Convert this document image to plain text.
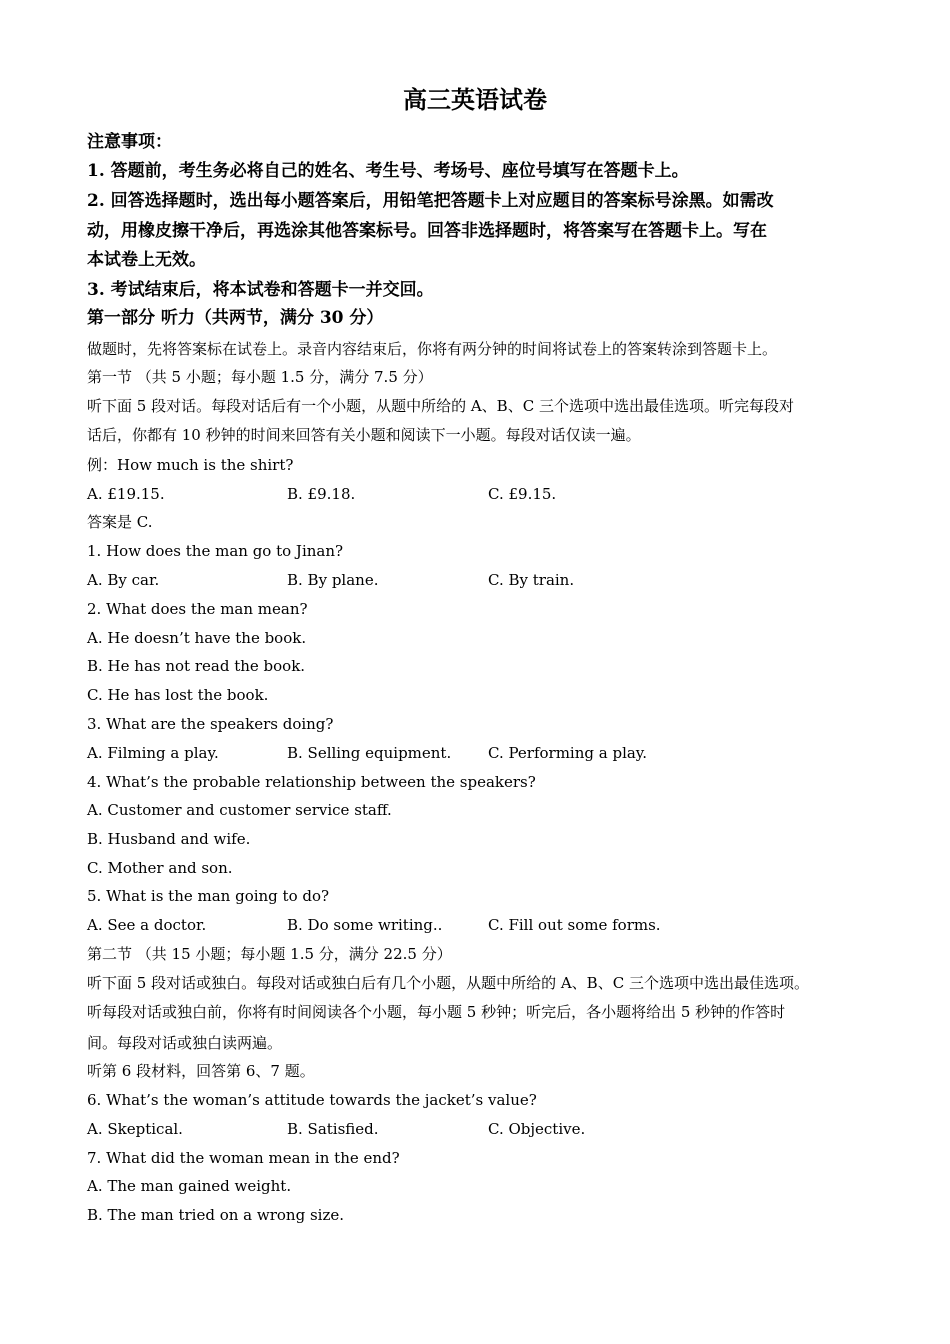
高三英语试卷
注意事项：
1. 答题前，考生务必将自己的姓名、考生号、考场号、座位号填写在答题卡上。
2. 回答选择题时，选出每小题答案后，用铅笔把答题卡上对应题目的答案标号涂黑。如需改
动，用橡皮擦干净后，再选涂其他答案标号。回答非选择题时，将答案写在答题卡上。写在
本试卷上无效。
3. 考试结束后，将本试卷和答题卡一并交回。
第一部分 听力（共两节，满分 30 分）
做题时，先将答案标在试卷上。录音内容结束后，你将有两分钟的时间将试卷上的答案转涂到答题卡上。
第一节 （共 5 小题；每小题 1.5 分，满分 7.5 分）
听下面 5 段对话。每段对话后有一个小题，从题中所给的 A、B、C 三个选项中选出最佳选项。听完每段对
话后，你都有 10 秒钟的时间来回答有关小题和阅读下一小题。每段对话仅读一遍。
例：How much is the shirt?
A. £19.15.	B. £9.18.	C. £9.15.
答案是 C.
1. How does the man go to Jinan?
A. By car.	B. By plane.	C. By train.
2. What does the man mean?
A. He doesn’t have the book.
B. He has not read the book.
C. He has lost the book.
3. What are the speakers doing?
A. Filming a play.	B. Selling equipment. C. Performing a play.
4. What’s the probable relationship between the speakers?
A. Customer and customer service staff.
B. Husband and wife.
C. Mother and son.
5. What is the man going to do?
A. See a doctor.	B. Do some writing..	C. Fill out some forms.
第二节 （共 15 小题；每小题 1.5 分，满分 22.5 分）
听下面 5 段对话或独白。每段对话或独白后有几个小题，从题中所给的 A、B、C 三个选项中选出最佳选项。
听每段对话或独白前，你将有时间阅读各个小题，每小题 5 秒钟；听完后，各小题将给出 5 秒钟的作答时
间。每段对话或独白读两遍。
听第 6 段材料，回答第 6、7 题。
6. What’s the woman’s attitude towards the jacket’s value?
A. Skeptical.	B. Satisfied.	C. Objective.
7. What did the woman mean in the end?
A. The man gained weight.
B. The man tried on a wrong size.
